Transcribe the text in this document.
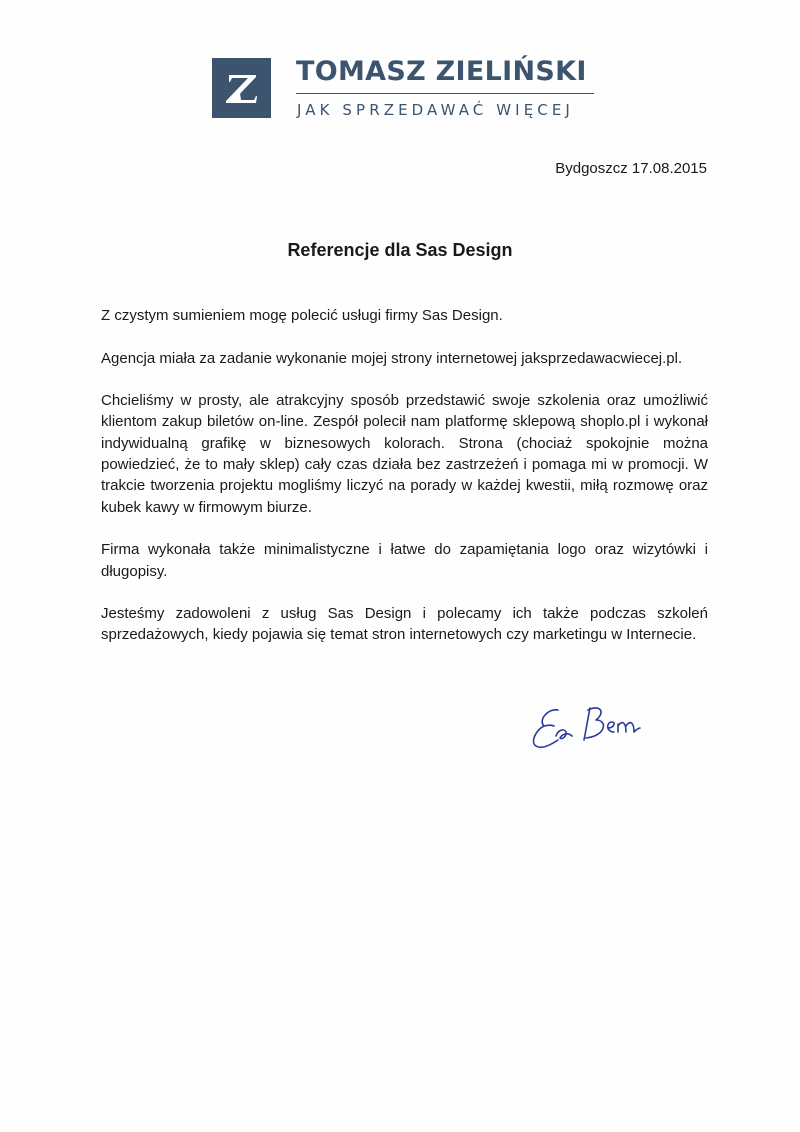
TOMASZ ZIELIŃSKI
JAK SPRZEDAWAĆ WIĘCEJ
Bydgoszcz 17.08.2015
Referencje dla Sas Design

Z czystym sumieniem mogę polecić usługi firmy Sas Design.

Agencja miała za zadanie wykonanie mojej strony internetowej jaksprzedawacwiecej.pl.

Chcieliśmy w prosty, ale atrakcyjny sposób przedstawić swoje szkolenia oraz umożliwić klientom zakup biletów on-line. Zespół polecił nam platformę sklepową shoplo.pl i wykonał indywidualną grafikę w biznesowych kolorach. Strona (chociaż spokojnie można powiedzieć, że to mały sklep) cały czas działa bez zastrzeżeń i pomaga mi w promocji. W trakcie tworzenia projektu mogliśmy liczyć na porady w każdej kwestii, miłą rozmowę oraz kubek kawy w firmowym biurze.

Firma wykonała także minimalistyczne i łatwe do zapamiętania logo oraz wizytówki i długopisy.

Jesteśmy zadowoleni z usług Sas Design i polecamy ich także podczas szkoleń sprzedażowych, kiedy pojawia się temat stron internetowych czy marketingu w Internecie.
